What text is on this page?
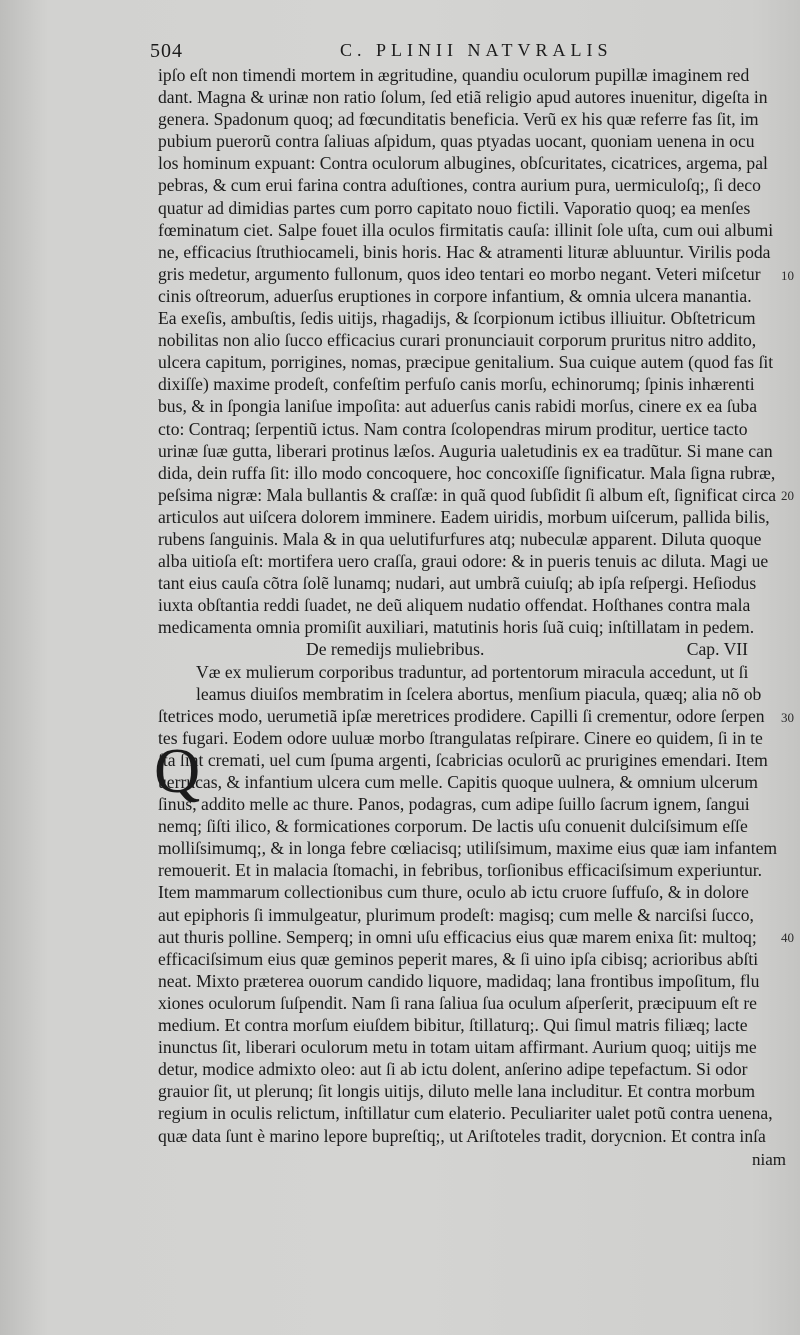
504	C. PLINII NATVRALIS
ipſo eſt non timendi mortem in ægritudine, quandiu oculorum pupillæ imaginem red
dant. Magna & urinæ non ratio ſolum, ſed etiã religio apud autores inuenitur, digeſta in
genera. Spadonum quoq; ad fœcunditatis beneficia. Verũ ex his quæ referre fas ſit, im
pubium puerorũ contra ſaliuas aſpidum, quas ptyadas uocant, quoniam uenena in ocu
los hominum expuant: Contra oculorum albugines, obſcuritates, cicatrices, argema, pal
pebras, & cum erui farina contra aduſtiones, contra aurium pura, uermiculoſq;, ſi deco
quatur ad dimidias partes cum porro capitato nouo fictili. Vaporatio quoq; ea menſes
fœminatum ciet. Salpe fouet illa oculos firmitatis cauſa: illinit ſole uſta, cum oui albumi
ne, efficacius ſtruthiocameli, binis horis. Hac & atramenti lituræ abluuntur. Virilis poda
gris medetur, argumento fullonum, quos ideo tentari eo morbo negant. Veteri miſcetur
cinis oſtreorum, aduerſus eruptiones in corpore infantium, & omnia ulcera manantia.
Ea exeſis, ambuſtis, ſedis uitijs, rhagadijs, & ſcorpionum ictibus illiuitur. Obſtetricum
nobilitas non alio ſucco efficacius curari pronunciauit corporum pruritus nitro addito,
ulcera capitum, porrigines, nomas, præcipue genitalium. Sua cuique autem (quod fas ſit
dixiſſe) maxime prodeſt, confeſtim perfuſo canis morſu, echinorumq; ſpinis inhærenti
bus, & in ſpongia laniſue impoſita: aut aduerſus canis rabidi morſus, cinere ex ea ſuba
cto: Contraq; ſerpentiũ ictus. Nam contra ſcolopendras mirum proditur, uertice tacto
urinæ ſuæ gutta, liberari protinus læſos. Auguria ualetudinis ex ea tradũtur. Si mane can
dida, dein ruffa ſit: illo modo concoquere, hoc concoxiſſe ſignificatur. Mala ſigna rubræ,
peſsima nigræ: Mala bullantis & craſſæ: in quã quod ſubſidit ſi album eſt, ſignificat circa
articulos aut uiſcera dolorem imminere. Eadem uiridis, morbum uiſcerum, pallida bilis,
rubens ſanguinis. Mala & in qua uelutifurfures atq; nubeculæ apparent. Diluta quoque
alba uitioſa eſt: mortifera uero craſſa, graui odore: & in pueris tenuis ac diluta. Magi ue
tant eius cauſa cõtra ſolẽ lunamq; nudari, aut umbrã cuiuſq; ab ipſa reſpergi. Heſiodus
iuxta obſtantia reddi ſuadet, ne deũ aliquem nudatio offendat. Hoſthanes contra mala
medicamenta omnia promiſit auxiliari, matutinis horis ſuã cuiq; inſtillatam in pedem.
De remedijs muliebribus.	Cap. VII
Væ ex mulierum corporibus traduntur, ad portentorum miracula accedunt, ut ſi
leamus diuiſos membratim in ſcelera abortus, menſium piacula, quæq; alia nõ ob
ſtetrices modo, uerumetiã ipſæ meretrices prodidere. Capilli ſi crementur, odore ſerpen
tes fugari. Eodem odore uuluæ morbo ſtrangulatas reſpirare. Cinere eo quidem, ſi in te
ſta ſint cremati, uel cum ſpuma argenti, ſcabricias oculorũ ac prurigines emendari. Item
uerrucas, & infantium ulcera cum melle. Capitis quoque uulnera, & omnium ulcerum
ſinus, addito melle ac thure. Panos, podagras, cum adipe ſuillo ſacrum ignem, ſangui
nemq; ſiſti ilico, & formicationes corporum. De lactis uſu conuenit dulciſsimum eſſe
molliſsimumq;, & in longa febre cœliacisq; utiliſsimum, maxime eius quæ iam infantem
remouerit. Et in malacia ſtomachi, in febribus, torſionibus efficaciſsimum experiuntur.
Item mammarum collectionibus cum thure, oculo ab ictu cruore ſuffuſo, & in dolore
aut epiphoris ſi immulgeatur, plurimum prodeſt: magisq; cum melle & narciſsi ſucco,
aut thuris polline. Semperq; in omni uſu efficacius eius quæ marem enixa ſit: multoq;
efficaciſsimum eius quæ geminos peperit mares, & ſi uino ipſa cibisq; acrioribus abſti
neat. Mixto præterea ouorum candido liquore, madidaq; lana frontibus impoſitum, flu
xiones oculorum ſuſpendit. Nam ſi rana ſaliua ſua oculum aſperſerit, præcipuum eſt re
medium. Et contra morſum eiuſdem bibitur, ſtillaturq;. Qui ſimul matris filiæq; lacte
inunctus ſit, liberari oculorum metu in totam uitam affirmant. Aurium quoq; uitijs me
detur, modice admixto oleo: aut ſi ab ictu dolent, anſerino adipe tepefactum. Si odor
grauior ſit, ut plerunq; ſit longis uitijs, diluto melle lana includitur. Et contra morbum
regium in oculis relictum, inſtillatur cum elaterio. Peculiariter ualet potũ contra uenena,
quæ data ſunt è marino lepore bupreſtiq;, ut Ariſtoteles tradit, dorycnion. Et contra inſa
Q
10
20
30
40
niam
